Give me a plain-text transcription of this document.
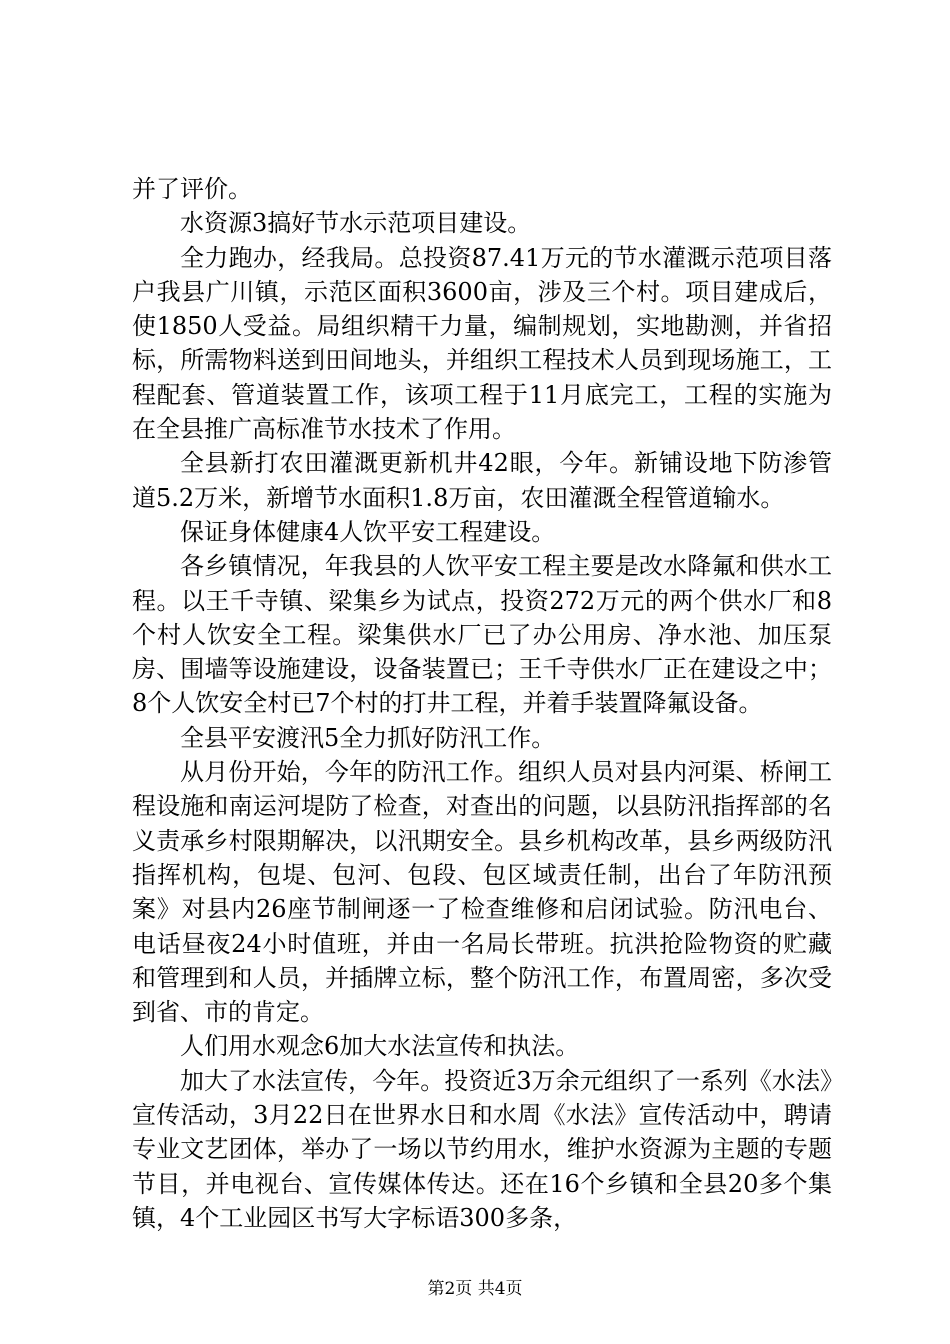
并了评价。

水资源3搞好节水示范项目建设。

全力跑办，经我局。总投资87.41万元的节水灌溉示范项目落户我县广川镇，示范区面积3600亩，涉及三个村。项目建成后，使1850人受益。局组织精干力量，编制规划，实地勘测，并省招标，所需物料送到田间地头，并组织工程技术人员到现场施工，工程配套、管道装置工作，该项工程于11月底完工，工程的实施为在全县推广高标准节水技术了作用。

全县新打农田灌溉更新机井42眼，今年。新铺设地下防渗管道5.2万米，新增节水面积1.8万亩，农田灌溉全程管道输水。

保证身体健康4人饮平安工程建设。

各乡镇情况，年我县的人饮平安工程主要是改水降氟和供水工程。以王千寺镇、梁集乡为试点，投资272万元的两个供水厂和8个村人饮安全工程。梁集供水厂已了办公用房、净水池、加压泵房、围墙等设施建设，设备装置已；王千寺供水厂正在建设之中；8个人饮安全村已7个村的打井工程，并着手装置降氟设备。

全县平安渡汛5全力抓好防汛工作。

从月份开始，今年的防汛工作。组织人员对县内河渠、桥闸工程设施和南运河堤防了检查，对查出的问题，以县防汛指挥部的名义责承乡村限期解决，以汛期安全。县乡机构改革，县乡两级防汛指挥机构，包堤、包河、包段、包区域责任制，出台了年防汛预案》对县内26座节制闸逐一了检查维修和启闭试验。防汛电台、电话昼夜24小时值班，并由一名局长带班。抗洪抢险物资的贮藏和管理到和人员，并插牌立标，整个防汛工作，布置周密，多次受到省、市的肯定。

人们用水观念6加大水法宣传和执法。

加大了水法宣传，今年。投资近3万余元组织了一系列《水法》宣传活动，3月22日在世界水日和水周《水法》宣传活动中，聘请专业文艺团体，举办了一场以节约用水，维护水资源为主题的专题节目，并电视台、宣传媒体传达。还在16个乡镇和全县20多个集镇，4个工业园区书写大字标语300多条，

第2页 共4页
